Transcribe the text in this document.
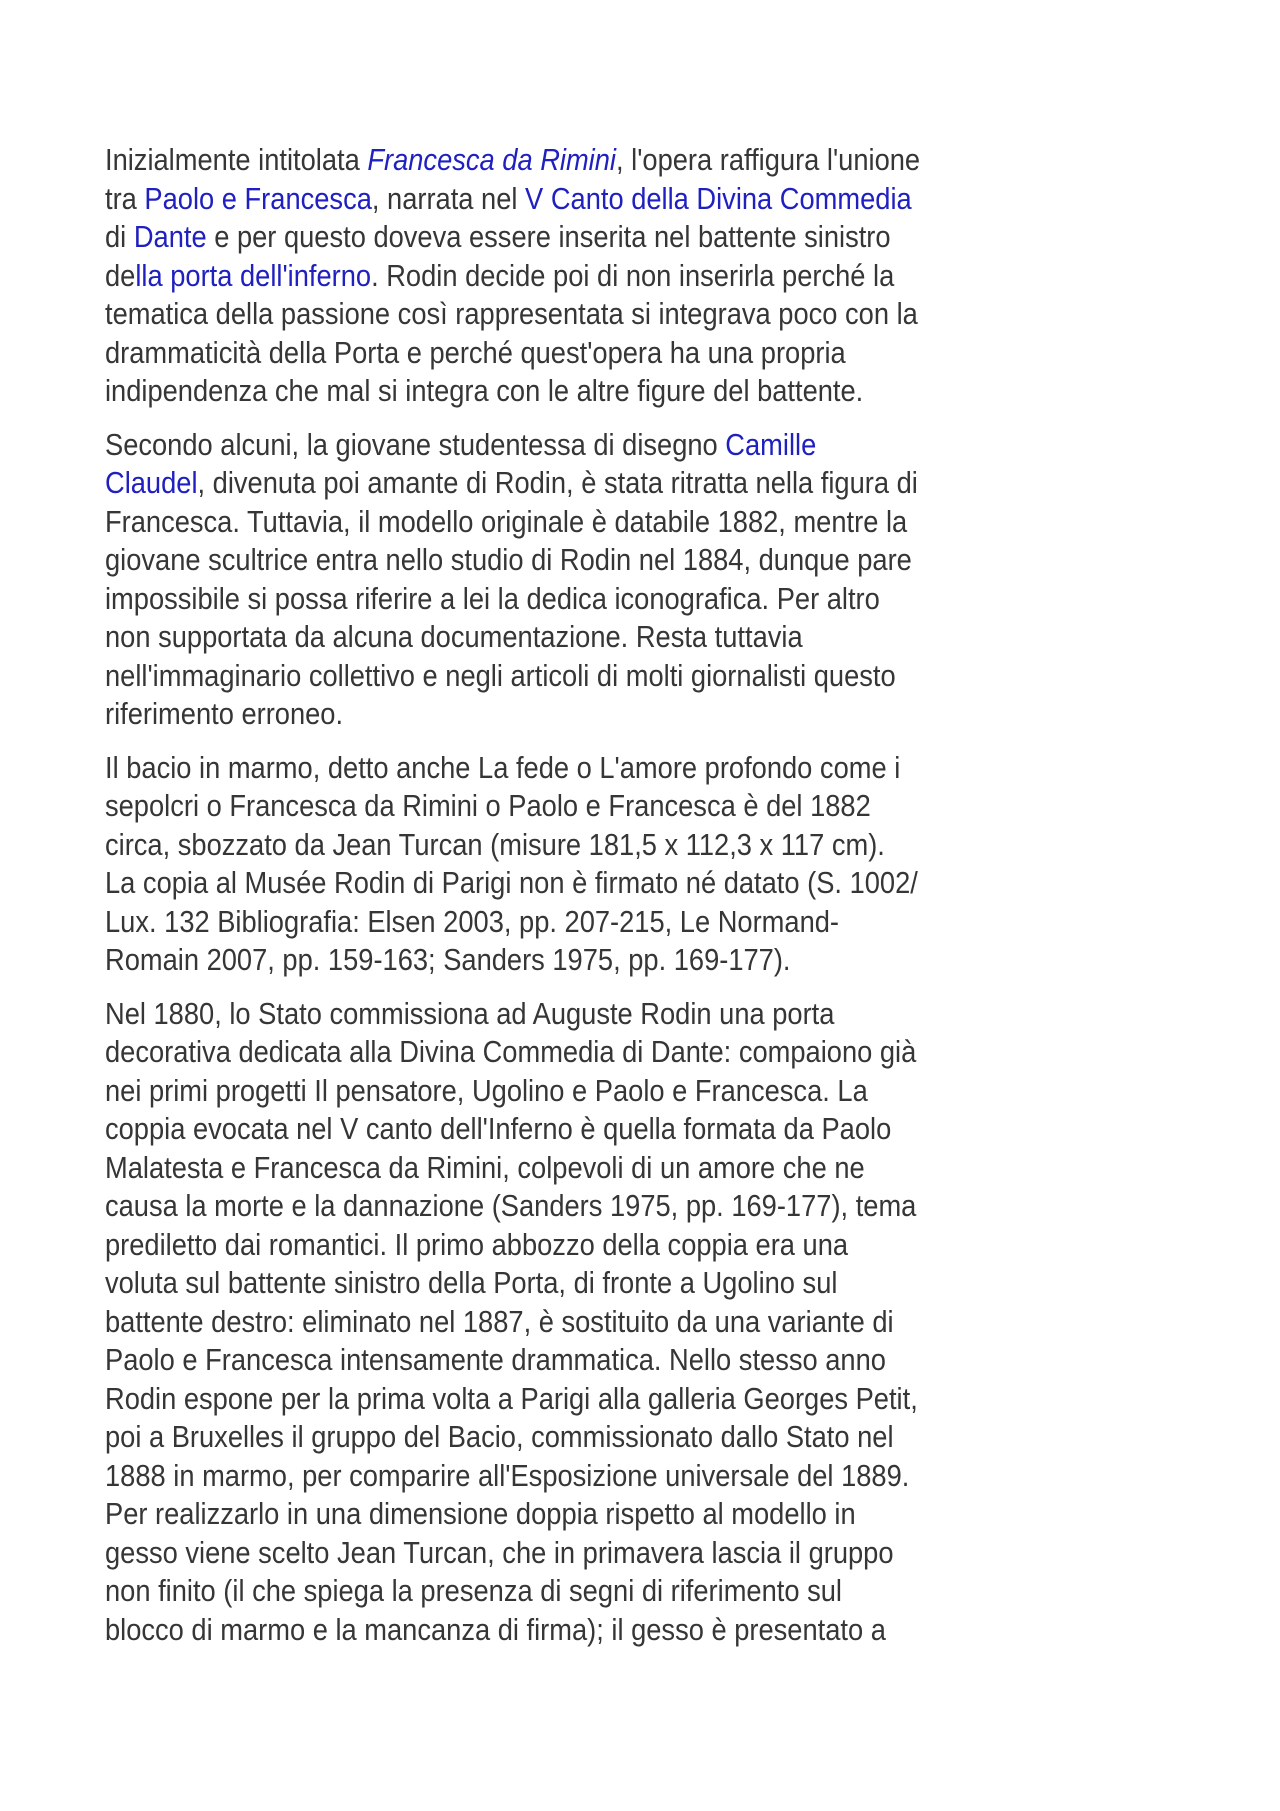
Inizialmente intitolata Francesca da Rimini, l'opera raffigura l'unione
tra Paolo e Francesca, narrata nel V Canto della Divina Commedia
di Dante e per questo doveva essere inserita nel battente sinistro
della porta dell'inferno. Rodin decide poi di non inserirla perché la
tematica della passione così rappresentata si integrava poco con la
drammaticità della Porta e perché quest'opera ha una propria
indipendenza che mal si integra con le altre figure del battente.
Secondo alcuni, la giovane studentessa di disegno Camille
Claudel, divenuta poi amante di Rodin, è stata ritratta nella figura di
Francesca. Tuttavia, il modello originale è databile 1882, mentre la
giovane scultrice entra nello studio di Rodin nel 1884, dunque pare
impossibile si possa riferire a lei la dedica iconografica. Per altro
non supportata da alcuna documentazione. Resta tuttavia
nell'immaginario collettivo e negli articoli di molti giornalisti questo
riferimento erroneo.
Il bacio in marmo, detto anche La fede o L'amore profondo come i
sepolcri o Francesca da Rimini o Paolo e Francesca è del 1882
circa, sbozzato da Jean Turcan (misure 181,5 x 112,3 x 117 cm).
La copia al Musée Rodin di Parigi non è firmato né datato (S. 1002/
Lux. 132 Bibliografia: Elsen 2003, pp. 207-215, Le Normand-
Romain 2007, pp. 159-163; Sanders 1975, pp. 169-177).
Nel 1880, lo Stato commissiona ad Auguste Rodin una porta
decorativa dedicata alla Divina Commedia di Dante: compaiono già
nei primi progetti Il pensatore, Ugolino e Paolo e Francesca. La
coppia evocata nel V canto dell'Inferno è quella formata da Paolo
Malatesta e Francesca da Rimini, colpevoli di un amore che ne
causa la morte e la dannazione (Sanders 1975, pp. 169-177), tema
prediletto dai romantici. Il primo abbozzo della coppia era una
voluta sul battente sinistro della Porta, di fronte a Ugolino sul
battente destro: eliminato nel 1887, è sostituito da una variante di
Paolo e Francesca intensamente drammatica. Nello stesso anno
Rodin espone per la prima volta a Parigi alla galleria Georges Petit,
poi a Bruxelles il gruppo del Bacio, commissionato dallo Stato nel
1888 in marmo, per comparire all'Esposizione universale del 1889.
Per realizzarlo in una dimensione doppia rispetto al modello in
gesso viene scelto Jean Turcan, che in primavera lascia il gruppo
non finito (il che spiega la presenza di segni di riferimento sul
blocco di marmo e la mancanza di firma); il gesso è presentato a
